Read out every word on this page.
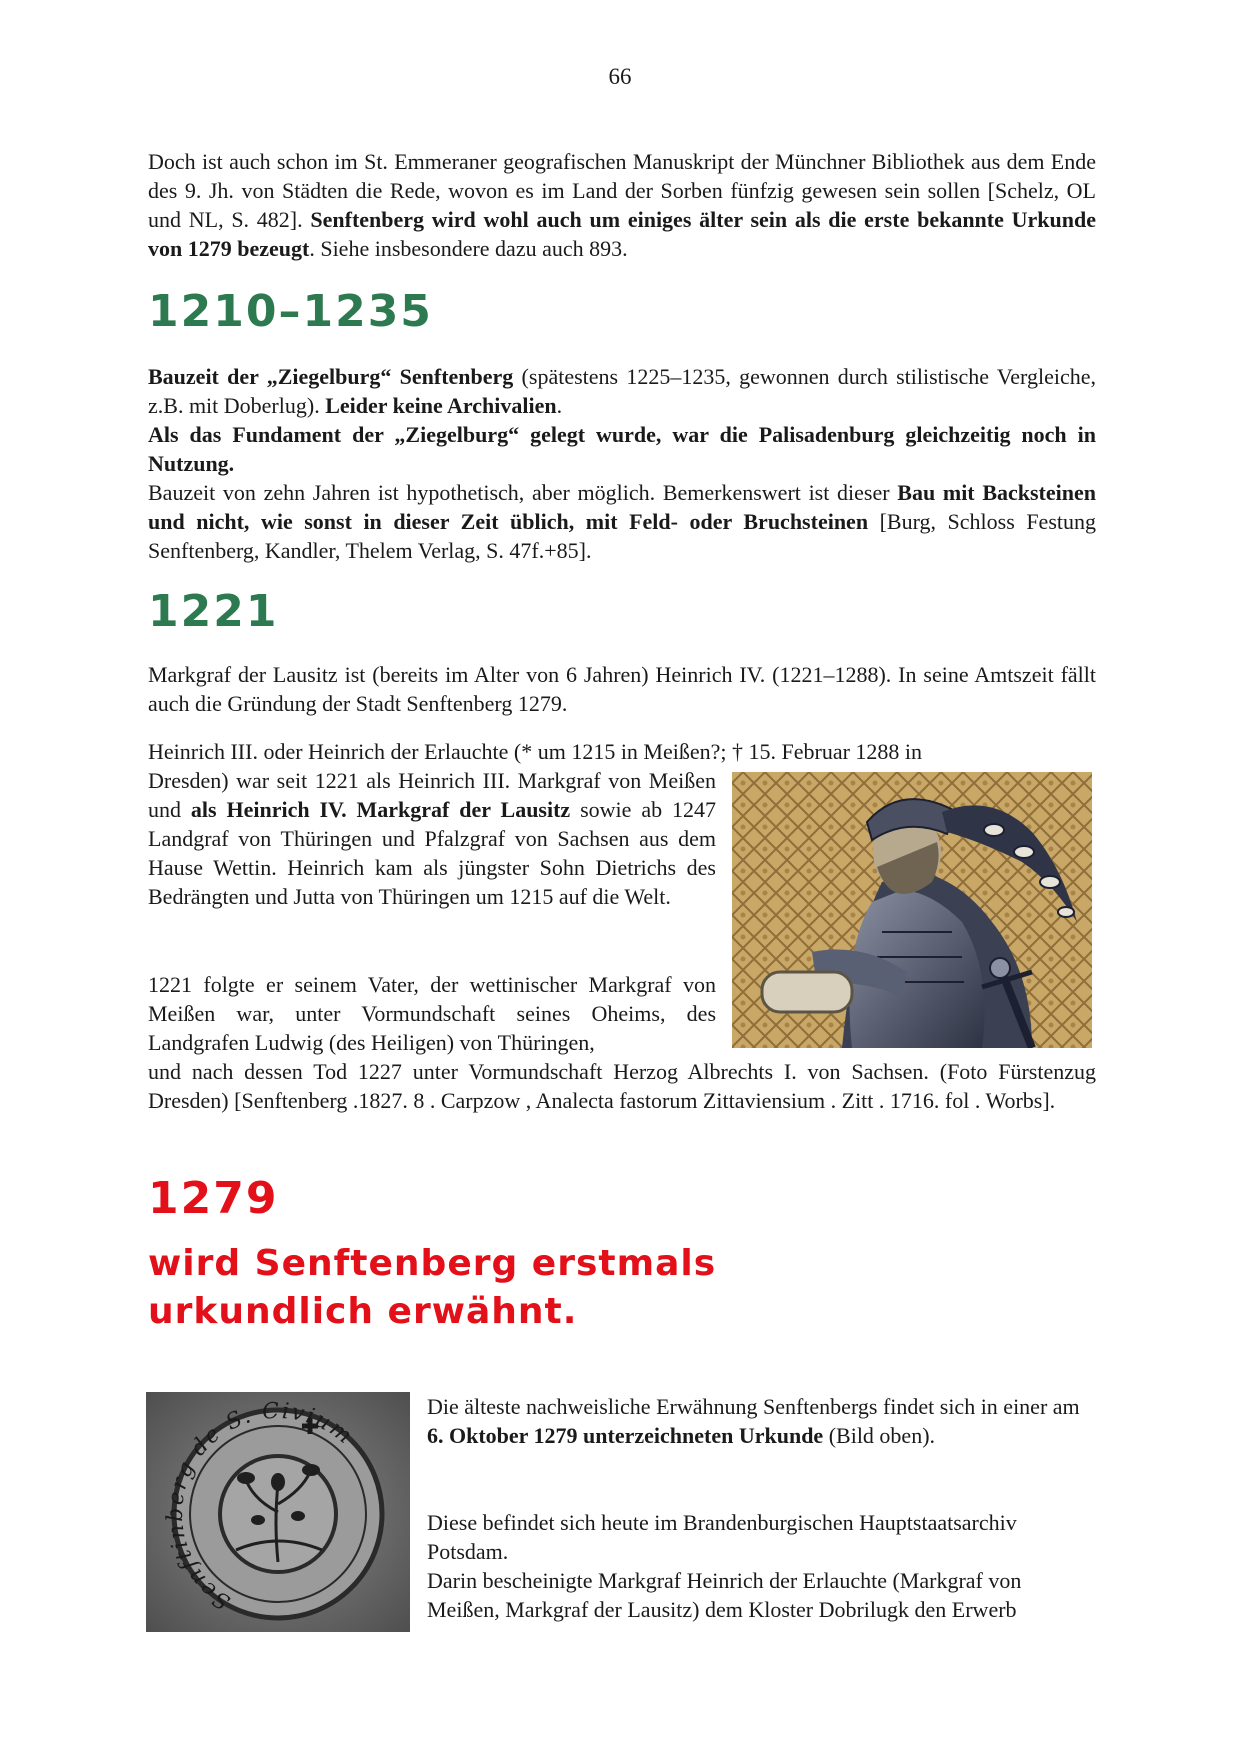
66

Doch ist auch schon im St. Emmeraner geografischen Manuskript der Münchner Bibliothek aus dem Ende des 9. Jh. von Städten die Rede, wovon es im Land der Sorben fünfzig gewesen sein sollen [Schelz, OL und NL, S. 482]. Senftenberg wird wohl auch um einiges älter sein als die erste bekannte Urkunde von 1279 bezeugt. Siehe insbesondere dazu auch 893.

1210–1235

Bauzeit der „Ziegelburg“ Senftenberg (spätestens 1225–1235, gewonnen durch stilistische Vergleiche, z.B. mit Doberlug). Leider keine Archivalien.

Als das Fundament der „Ziegelburg“ gelegt wurde, war die Palisadenburg gleichzeitig noch in Nutzung.

Bauzeit von zehn Jahren ist hypothetisch, aber möglich. Bemerkenswert ist dieser Bau mit Backsteinen und nicht, wie sonst in dieser Zeit üblich, mit Feld- oder Bruchsteinen [Burg, Schloss Festung Senftenberg, Kandler, Thelem Verlag, S. 47f.+85].

1221

Markgraf der Lausitz ist (bereits im Alter von 6 Jahren) Heinrich IV. (1221–1288). In seine Amtszeit fällt auch die Gründung der Stadt Senftenberg 1279.

Heinrich III. oder Heinrich der Erlauchte (* um 1215 in Meißen?; † 15. Februar 1288 in

Dresden) war seit 1221 als Heinrich III. Markgraf von Meißen und als Heinrich IV. Markgraf der Lausitz sowie ab 1247 Landgraf von Thüringen und Pfalzgraf von Sachsen aus dem Hause Wettin. Heinrich kam als jüngster Sohn Dietrichs des Bedrängten und Jutta von Thüringen um 1215 auf die Welt.

1221 folgte er seinem Vater, der wettinischer Markgraf von Meißen war, unter Vormundschaft seines Oheims, des Landgrafen Ludwig (des Heiligen) von Thüringen,

und nach dessen Tod 1227 unter Vormundschaft Herzog Albrechts I. von Sachsen. (Foto Fürstenzug Dresden) [Senftenberg .1827. 8 . Carpzow , Analecta fastorum Zittaviensium . Zitt . 1716. fol . Worbs].

1279
wird Senftenberg erstmals
urkundlich erwähnt.
Senftinberg de S. Civium

Die älteste nachweisliche Erwähnung Senftenbergs findet sich in einer am 6. Oktober 1279 unterzeichneten Urkunde (Bild oben).

Diese befindet sich heute im Brandenburgischen Hauptstaatsarchiv Potsdam.

Darin bescheinigte Markgraf Heinrich der Erlauchte (Markgraf von Meißen, Markgraf der Lausitz) dem Kloster Dobrilugk den Erwerb
